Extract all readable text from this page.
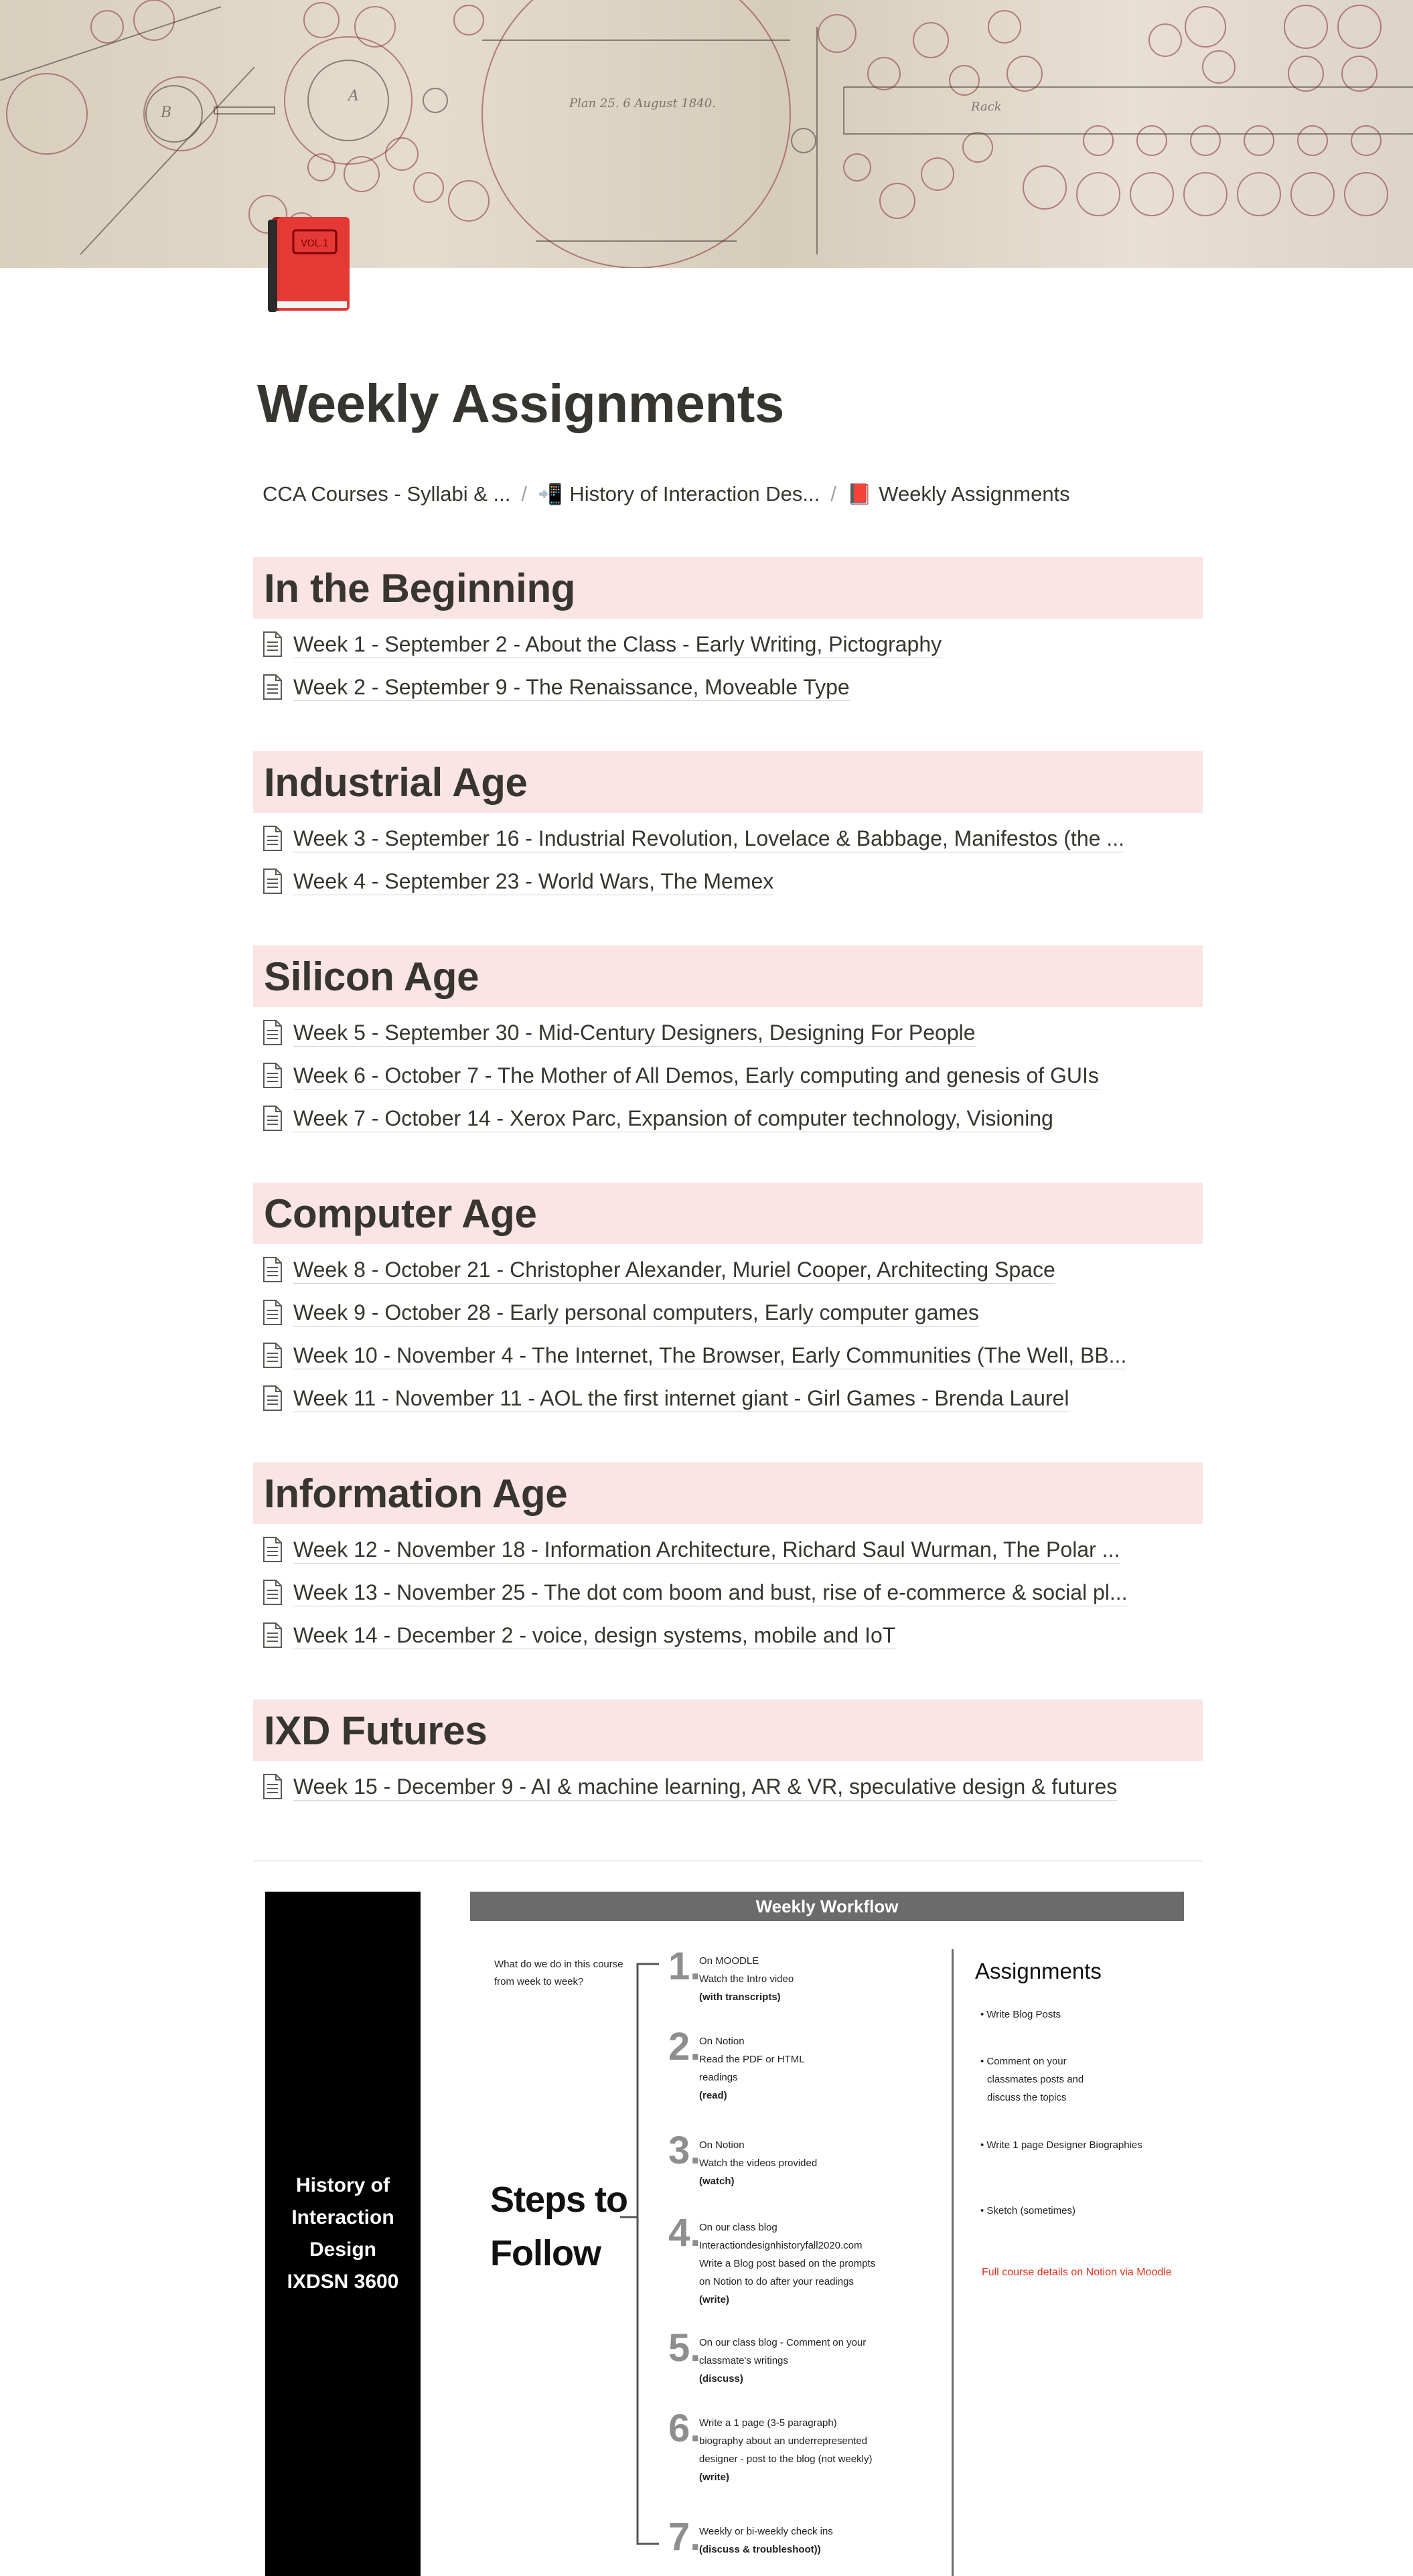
Plan 25. 6 August 1840.	Rack
B
A
VOL.1
Weekly Assignments
CCA Courses - Syllabi & ... / 📲 History of Interaction Des... / 📕 Weekly Assignments
In the Beginning
Week 1 - September 2 - About the Class - Early Writing, Pictography
Week 2 - September 9 - The Renaissance, Moveable Type
Industrial Age
Week 3 - September 16 - Industrial Revolution, Lovelace & Babbage, Manifestos (the ...
Week 4 - September 23 - World Wars, The Memex
Silicon Age
Week 5 - September 30 - Mid-Century Designers, Designing For People
Week 6 - October 7 - The Mother of All Demos, Early computing and genesis of GUIs
Week 7 - October 14 - Xerox Parc, Expansion of computer technology, Visioning
Computer Age
Week 8 - October 21 - Christopher Alexander, Muriel Cooper, Architecting Space
Week 9 - October 28 - Early personal computers, Early computer games
Week 10 - November 4 - The Internet, The Browser, Early Communities (The Well, BB...
Week 11 - November 11 - AOL the first internet giant - Girl Games - Brenda Laurel
Information Age
Week 12 - November 18 - Information Architecture, Richard Saul Wurman, The Polar ...
Week 13 - November 25 - The dot com boom and bust, rise of e-commerce & social pl...
Week 14 - December 2 - voice, design systems, mobile and IoT
IXD Futures
Week 15 - December 9 - AI & machine learning, AR & VR, speculative design & futures
History of
Interaction
Design
IXDSN 3600
Weekly Workflow
What do we do in this course from week to week?
Steps to
Follow
1.
On MOODLE
Watch the Intro video
(with transcripts)
2.
On Notion
Read the PDF or HTML
readings
(read)
3.
On Notion
Watch the videos provided
(watch)
4.
On our class blog
Interactiondesignhistoryfall2020.com
Write a Blog post based on the prompts
on Notion to do after your readings
(write)
5.
On our class blog - Comment on your
classmate's writings
(discuss)
6.
Write a 1 page (3-5 paragraph)
biography about an underrepresented
designer - post to the blog (not weekly)
(write)
7.
Weekly or bi-weekly check ins
(discuss & troubleshoot))
Assignments
• Write Blog Posts
• Comment on your
classmates posts and
discuss the topics
• Write 1 page Designer Biographies
• Sketch (sometimes)
Full course details on Notion via Moodle
